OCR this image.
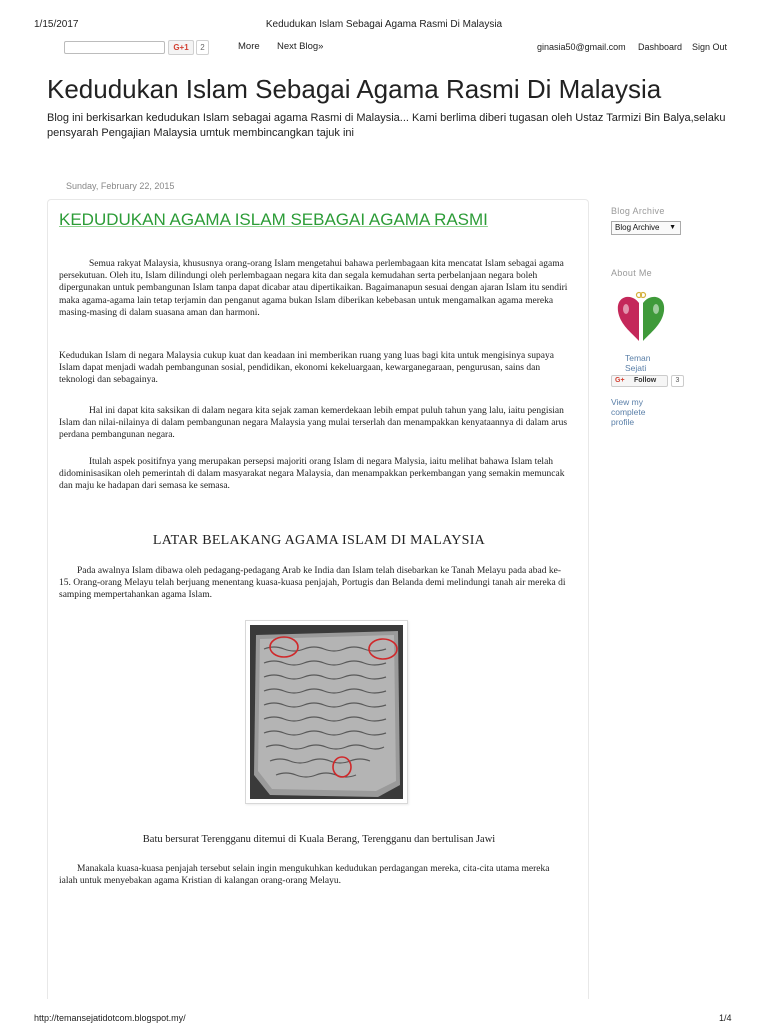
1/15/2017	Kedudukan Islam Sebagai Agama Rasmi Di Malaysia
G+1	2	More Next Blog»	ginasia50@gmail.com Dashboard Sign Out
Kedudukan Islam Sebagai Agama Rasmi Di Malaysia

Blog ini berkisarkan kedudukan Islam sebagai agama Rasmi di Malaysia... Kami berlima diberi tugasan oleh Ustaz Tarmizi Bin Balya,selaku pensyarah Pengajian Malaysia umtuk membincangkan tajuk ini

Sunday, February 22, 2015
KEDUDUKAN AGAMA ISLAM SEBAGAI AGAMA RASMI

Semua rakyat Malaysia, khususnya orang-orang Islam mengetahui bahawa perlembagaan kita mencatat Islam sebagai agama persekutuan. Oleh itu, Islam dilindungi oleh perlembagaan negara kita dan segala kemudahan serta perbelanjaan negara boleh dipergunakan untuk pembangunan Islam tanpa dapat dicabar atau dipertikaikan. Bagaimanapun sesuai dengan ajaran Islam itu sendiri maka agama-agama lain tetap terjamin dan penganut agama bukan Islam diberikan kebebasan untuk mengamalkan agama mereka masing-masing di dalam suasana aman dan harmoni.

Kedudukan Islam di negara Malaysia cukup kuat dan keadaan ini memberikan ruang yang luas bagi kita untuk mengisinya supaya Islam dapat menjadi wadah pembangunan sosial, pendidikan, ekonomi kekeluargaan, kewarganegaraan, pengurusan, sains dan teknologi dan sebagainya.

Hal ini dapat kita saksikan di dalam negara kita sejak zaman kemerdekaan lebih empat puluh tahun yang lalu, iaitu pengisian Islam dan nilai-nilainya di dalam pembangunan negara Malaysia yang mulai terserlah dan menampakkan kenyataannya di dalam arus perdana pembangunan negara.

Itulah aspek positifnya yang merupakan persepsi majoriti orang Islam di negara Malysia, iaitu melihat bahawa Islam telah didominisasikan oleh pemerintah di dalam masyarakat negara Malaysia, dan menampakkan perkembangan yang semakin memuncak dan maju ke hadapan dari semasa ke semasa.

LATAR BELAKANG AGAMA ISLAM DI MALAYSIA

Pada awalnya Islam dibawa oleh pedagang-pedagang Arab ke India dan Islam telah disebarkan ke Tanah Melayu pada abad ke-15. Orang-orang Melayu telah berjuang menentang kuasa-kuasa penjajah, Portugis dan Belanda demi melindungi tanah air mereka di samping mempertahankan agama Islam.

Batu bersurat Terengganu ditemui di Kuala Berang, Terengganu dan bertulisan Jawi

Manakala kuasa-kuasa penjajah tersebut selain ingin mengukuhkan kedudukan perdagangan mereka, cita-cita utama mereka ialah untuk menyebakan agama Kristian di kalangan orang-orang Melayu.

Blog Archive
Blog Archive ▼
About Me
Teman Sejati
G+ Follow	3
View my complete profile
http://temansejatidotcom.blogspot.my/	1/4
